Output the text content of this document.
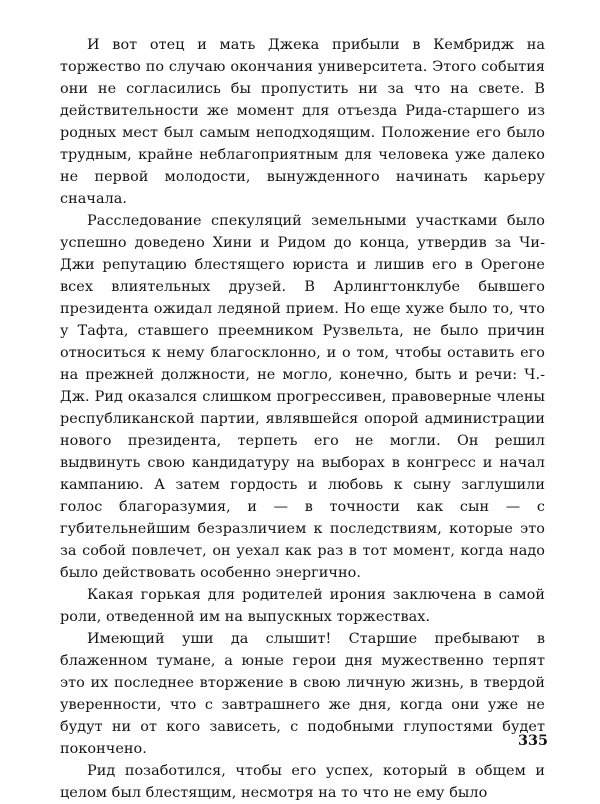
И вот отец и мать Джека прибыли в Кембридж на торжество по случаю окончания университета. Этого события они не согласились бы пропустить ни за что на свете. В действительности же момент для отъезда Рида-старшего из родных мест был самым неподходящим. Положение его было трудным, крайне неблагоприятным для человека уже далеко не первой молодости, вынужденного начинать карьеру сначала.

Расследование спекуляций земельными участками было успешно доведено Хини и Ридом до конца, утвердив за Чи-Джи репутацию блестящего юриста и лишив его в Орегоне всех влиятельных друзей. В Арлингтонклубе бывшего президента ожидал ледяной прием. Но еще хуже было то, что у Тафта, ставшего преемником Рузвельта, не было причин относиться к нему благосклонно, и о том, чтобы оставить его на прежней должности, не могло, конечно, быть и речи: Ч.-Дж. Рид оказался слишком прогрессивен, правоверные члены республиканской партии, являвшейся опорой администрации нового президента, терпеть его не могли. Он решил выдвинуть свою кандидатуру на выборах в конгресс и начал кампанию. А затем гордость и любовь к сыну заглушили голос благоразумия, и — в точности как сын — с губительнейшим безразличием к последствиям, которые это за собой повлечет, он уехал как раз в тот момент, когда надо было действовать особенно энергично.

Какая горькая для родителей ирония заключена в самой роли, отведенной им на выпускных торжествах.

Имеющий уши да слышит! Старшие пребывают в блаженном тумане, а юные герои дня мужественно терпят это их последнее вторжение в свою личную жизнь, в твердой уверенности, что с завтрашнего же дня, когда они уже не будут ни от кого зависеть, с подобными глупостями будет покончено.

Рид позаботился, чтобы его успех, который в общем и целом был блестящим, несмотря на то что не ему было

335
